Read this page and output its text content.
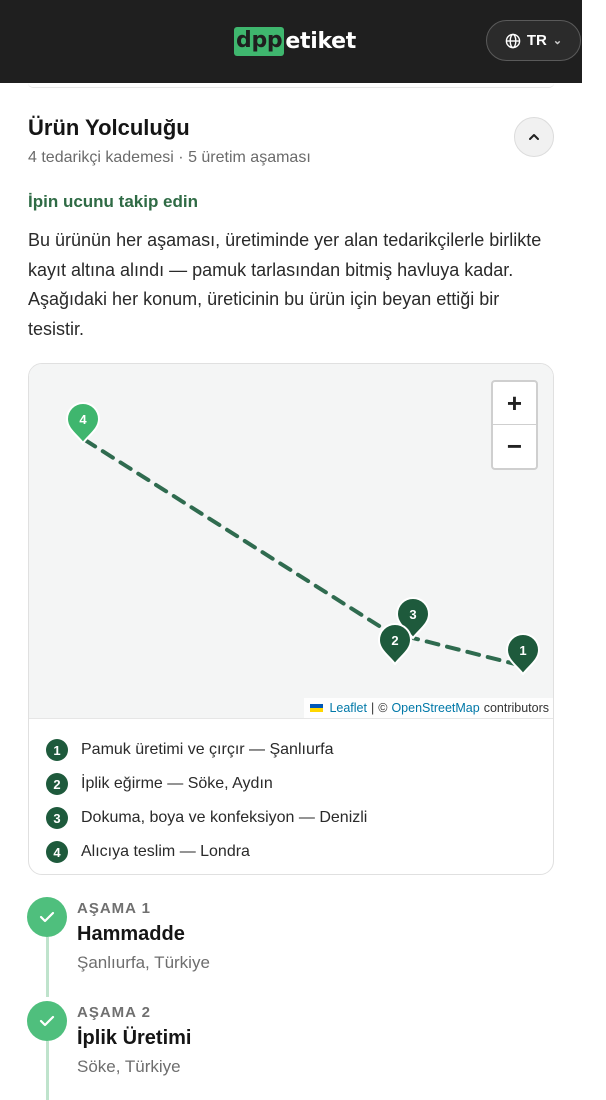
dpp etiket	TR ⌄
Ürün Yolculuğu
4 tedarikçi kademesi · 5 üretim aşaması
İpin ucunu takip edin
Bu ürünün her aşaması, üretiminde yer alan tedarikçilerle birlikte kayıt altına alındı — pamuk tarlasından bitmiş havluya kadar. Aşağıdaki her konum, üreticinin bu ürün için beyan ettiği bir tesistir.
3
2
1
4
+
−
Leaflet | © OpenStreetMap contributors
1	Pamuk üretimi ve çırçır — Şanlıurfa
2	İplik eğirme — Söke, Aydın
3	Dokuma, boya ve konfeksiyon — Denizli
4	Alıcıya teslim — Londra
AŞAMA 1
Hammadde
Şanlıurfa, Türkiye
AŞAMA 2
İplik Üretimi
Söke, Türkiye
